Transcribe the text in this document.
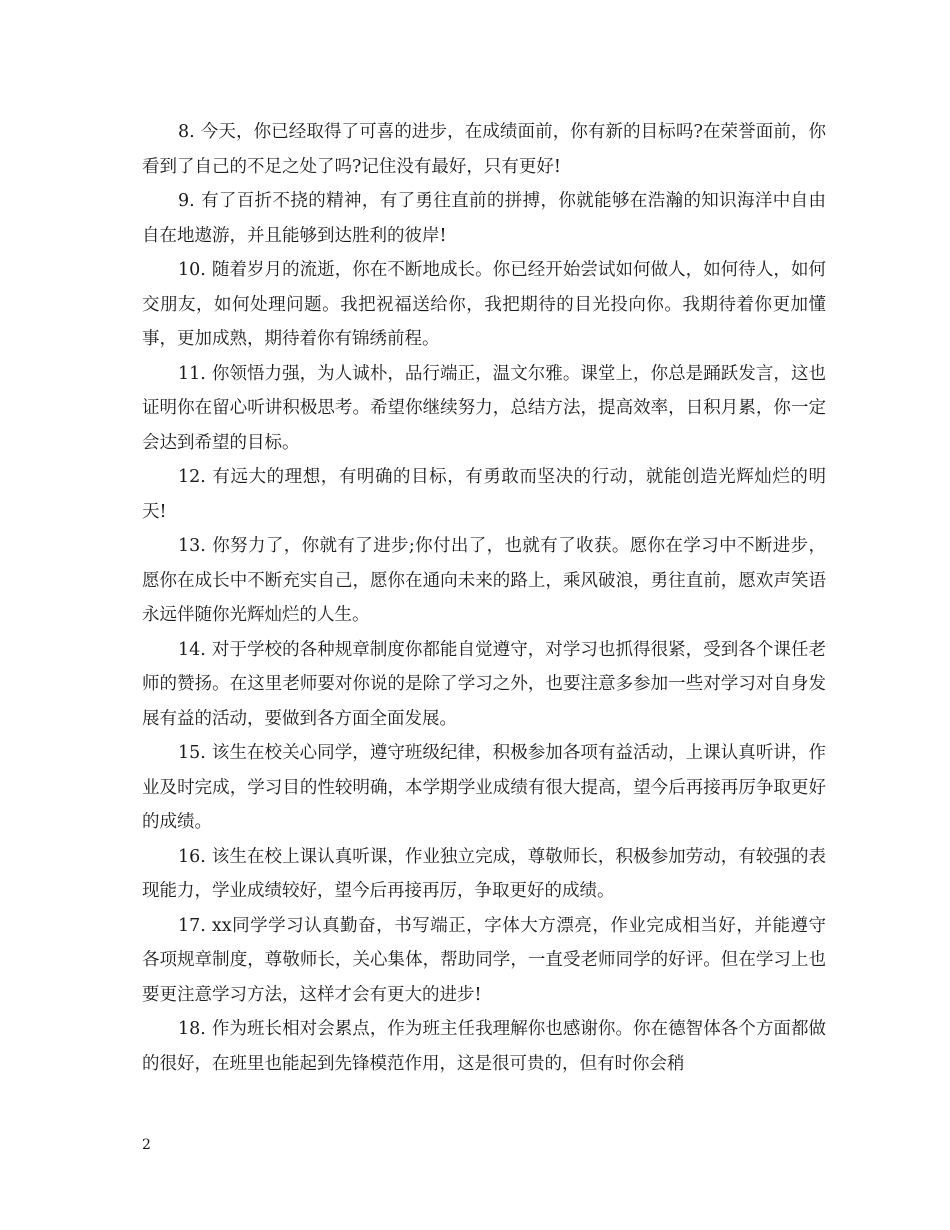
8. 今天，你已经取得了可喜的进步，在成绩面前，你有新的目标吗?在荣誉面前，你看到了自己的不足之处了吗?记住没有最好，只有更好!

9. 有了百折不挠的精神，有了勇往直前的拼搏，你就能够在浩瀚的知识海洋中自由自在地遨游，并且能够到达胜利的彼岸!

10. 随着岁月的流逝，你在不断地成长。你已经开始尝试如何做人，如何待人，如何交朋友，如何处理问题。我把祝福送给你，我把期待的目光投向你。我期待着你更加懂事，更加成熟，期待着你有锦绣前程。

11. 你领悟力强，为人诚朴，品行端正，温文尔雅。课堂上，你总是踊跃发言，这也证明你在留心听讲积极思考。希望你继续努力，总结方法，提高效率，日积月累，你一定会达到希望的目标。

12. 有远大的理想，有明确的目标，有勇敢而坚决的行动，就能创造光辉灿烂的明天!

13. 你努力了，你就有了进步;你付出了，也就有了收获。愿你在学习中不断进步，愿你在成长中不断充实自己，愿你在通向未来的路上，乘风破浪，勇往直前，愿欢声笑语永远伴随你光辉灿烂的人生。

14. 对于学校的各种规章制度你都能自觉遵守，对学习也抓得很紧，受到各个课任老师的赞扬。在这里老师要对你说的是除了学习之外，也要注意多参加一些对学习对自身发展有益的活动，要做到各方面全面发展。

15. 该生在校关心同学，遵守班级纪律，积极参加各项有益活动，上课认真听讲，作业及时完成，学习目的性较明确，本学期学业成绩有很大提高，望今后再接再厉争取更好的成绩。

16. 该生在校上课认真听课，作业独立完成，尊敬师长，积极参加劳动，有较强的表现能力，学业成绩较好，望今后再接再厉，争取更好的成绩。

17. xx同学学习认真勤奋，书写端正，字体大方漂亮，作业完成相当好，并能遵守各项规章制度，尊敬师长，关心集体，帮助同学，一直受老师同学的好评。但在学习上也要更注意学习方法，这样才会有更大的进步!

18. 作为班长相对会累点，作为班主任我理解你也感谢你。你在德智体各个方面都做的很好，在班里也能起到先锋模范作用，这是很可贵的，但有时你会稍

2
